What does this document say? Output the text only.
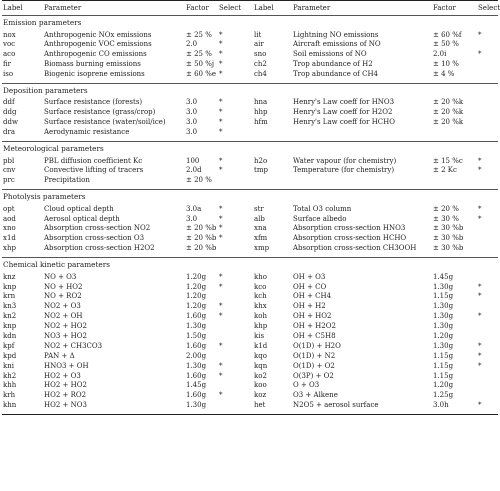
Label	Parameter	Factor Select Label	Parameter	Factor	Select
Emission parameters
nox	Anthropogenic NOx emissions	± 25 % *	lit	Lightning NO emissions	± 60 %f *
voc	Anthropogenic VOC emissions	2.0	*	air	Aircraft emissions of NO	± 50 %
aco	Anthropogenic CO emissions	± 25 % *	sno	Soil emissions of NO	2.0i	*
fir	Biomass burning emissions	± 50 %j *	ch2	Trop abundance of H2	± 10 %
iso	Biogenic isoprene emissions	± 60 %e *	ch4	Trop abundance of CH4	± 4 %
Deposition parameters
ddf	Surface resistance (forests)	3.0	*	hna	Henry's Law coeff for HNO3	± 20 %k
ddg	Surface resistance (grass/crop)	3.0	*	hhp	Henry's Law coeff for H2O2	± 20 %k
ddw	Surface resistance (water/soil/ice)	3.0	*	hfm	Henry's Law coeff for HCHO	± 20 %k
dra	Aerodynamic resistance	3.0	*
Meteorological parameters
pbl	PBL diffusion coefficient Kc	100	*	h2o	Water vapour (for chemistry)	± 15 %c *
cnv	Convective lifting of tracers	2.0d *	tmp	Temperature (for chemistry)	± 2 Kc	*
prc	Precipitation	± 20 %
Photolysis parameters
opt	Cloud optical depth	3.0a	*	str	Total O3 column	± 20 %	*
aod	Aerosol optical depth	3.0	*	alb	Surface albedo	± 30 %	*
xno	Absorption cross-section NO2	± 20 %b *	xna	Absorption cross-section HNO3	± 30 %b
x1d	Absorption cross-section O3	± 20 %b *	xfm	Absorption cross-section HCHO	± 30 %b
xhp	Absorption cross-section H2O2	± 20 %b	xmp	Absorption cross-section CH3OOH ± 30 %b
Chemical kinetic parameters
knz	NO + O3	1.20g *	kho	OH + O3	1.45g
knp	NO + HO2	1.20g *	kco	OH + CO	1.30g	*
krn	NO + RO2	1.20g	kch	OH + CH4	1.15g	*
kn3	NO2 + O3	1.20g *	khx	OH + H2	1.30g
kn2	NO2 + OH	1.60g *	koh	OH + HO2	1.30g	*
knp	NO2 + HO2	1.30g	khp	OH + H2O2	1.30g
kdn	NO3 + HO2	1.50g	kis	OH + C5H8	1.20g
kpf	NO2 + CH3CO3	1.60g *	k1d	O(1D) + H2O	1.30g	*
kpd	PAN + Δ	2.00g	kqo	O(1D) + N2	1.15g	*
kni	HNO3 + OH	1.30g *	kqn	O(1D) + O2	1.15g	*
kh2	HO2 + O3	1.60g *	ko2	O(3P) + O2	1.15g
khh	HO2 + HO2	1.45g	koo	O + O3	1.20g
krh	HO2 + RO2	1.60g *	koz	O3 + Alkene	1.25g
khn	HO2 + NO3	1.30g	het	N2O5 + aerosol surface	3.0h	*
